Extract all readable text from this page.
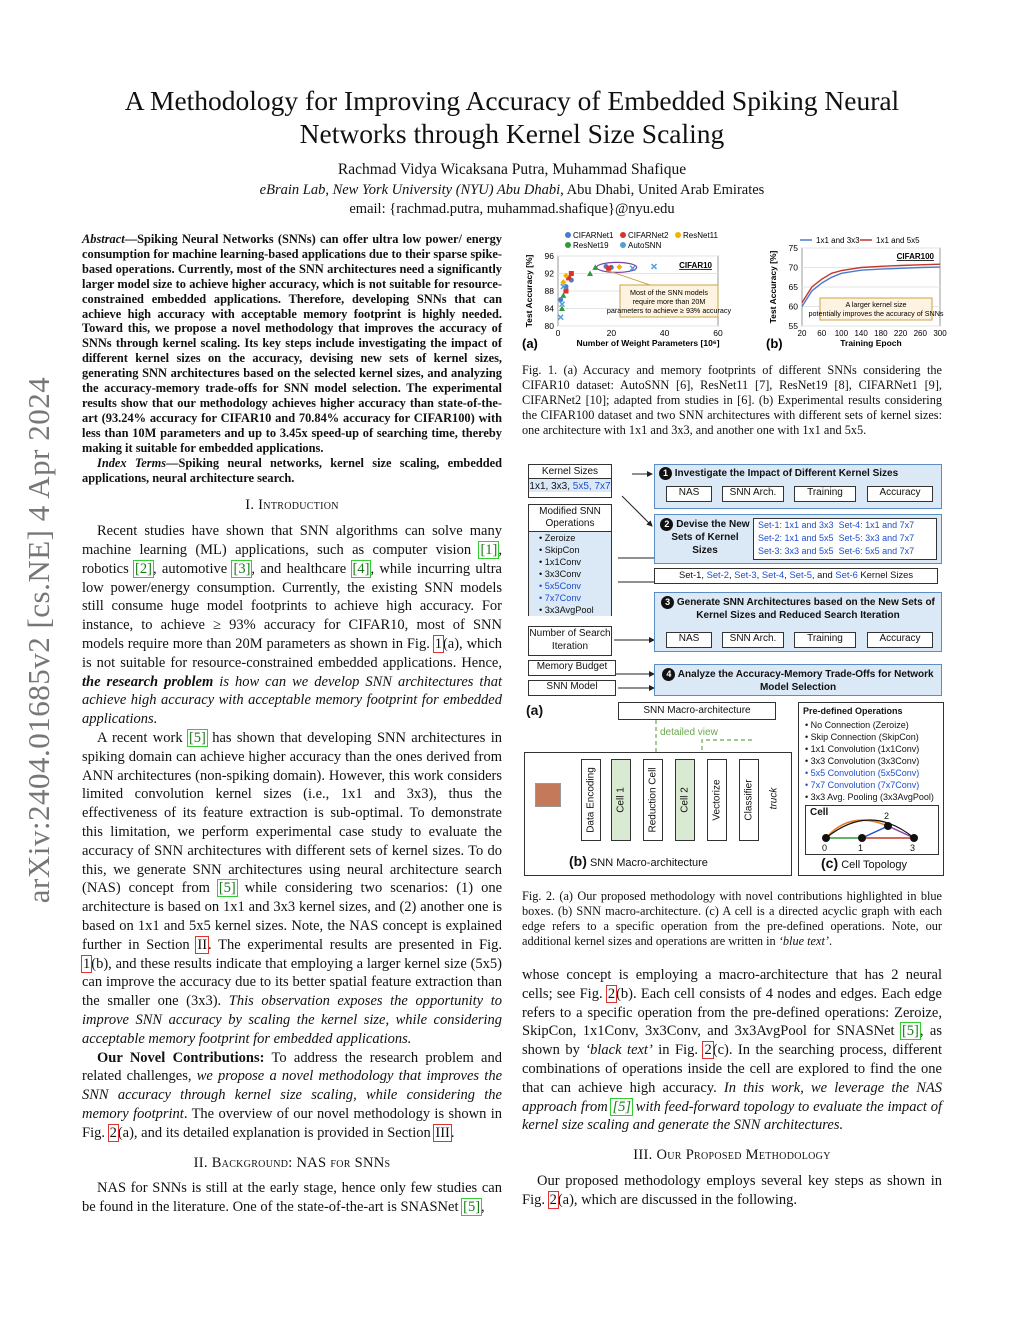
arXiv:2404.01685v2 [cs.NE] 4 Apr 2024
A Methodology for Improving Accuracy of Embedded Spiking Neural Networks through Kernel Size Scaling
Rachmad Vidya Wicaksana Putra, Muhammad Shafique
eBrain Lab, New York University (NYU) Abu Dhabi, Abu Dhabi, United Arab Emirates
email: {rachmad.putra, muhammad.shafique}@nyu.edu
Abstract—Spiking Neural Networks (SNNs) can offer ultra low power/ energy consumption for machine learning-based applications due to their sparse spike-based operations. Currently, most of the SNN architectures need a significantly larger model size to achieve higher accuracy, which is not suitable for resource-constrained embedded applications. Therefore, developing SNNs that can achieve high accuracy with acceptable memory footprint is highly needed. Toward this, we propose a novel methodology that improves the accuracy of SNNs through kernel scaling. Its key steps include investigating the impact of different kernel sizes on the accuracy, devising new sets of kernel sizes, generating SNN architectures based on the selected kernel sizes, and analyzing the accuracy-memory trade-offs for SNN model selection. The experimental results show that our methodology achieves higher accuracy than state-of-the-art (93.24% accuracy for CIFAR10 and 70.84% accuracy for CIFAR100) with less than 10M parameters and up to 3.45x speed-up of searching time, thereby making it suitable for embedded applications.
Index Terms—Spiking neural networks, kernel size scaling, embedded applications, neural architecture search.
I. Introduction

Recent studies have shown that SNN algorithms can solve many machine learning (ML) applications, such as computer vision [1], robotics [2], automotive [3], and healthcare [4], while incurring ultra low power/energy consumption. Currently, the existing SNN models still consume huge model footprints to achieve high accuracy. For instance, to achieve ≥ 93% accuracy for CIFAR10, most of SNN models require more than 20M parameters as shown in Fig. 1(a), which is not suitable for resource-constrained embedded applications. Hence, the research problem is how can we develop SNN architectures that achieve high accuracy with acceptable memory footprint for embedded applications.

A recent work [5] has shown that developing SNN architectures in spiking domain can achieve higher accuracy than the ones derived from ANN architectures (non-spiking domain). However, this work considers limited convolution kernel sizes (i.e., 1x1 and 3x3), thus the effectiveness of its feature extraction is sub-optimal. To demonstrate this limitation, we perform experimental case study to evaluate the accuracy of SNN architectures with different sets of kernel sizes. To do this, we generate SNN architectures using neural architecture search (NAS) concept from [5] while considering two scenarios: (1) one architecture is based on 1x1 and 3x3 kernel sizes, and (2) another one is based on 1x1 and 5x5 kernel sizes. Note, the NAS concept is explained further in Section II. The experimental results are presented in Fig. 1(b), and these results indicate that employing a larger kernel size (5x5) can improve the accuracy due to its better spatial feature extraction than the smaller one (3x3). This observation exposes the opportunity to improve SNN accuracy by scaling the kernel size, while considering acceptable memory footprint for embedded applications.

Our Novel Contributions: To address the research problem and related challenges, we propose a novel methodology that improves the SNN accuracy through kernel size scaling, while considering the memory footprint. The overview of our novel methodology is shown in Fig. 2(a), and its detailed explanation is provided in Section III.

II. Background: NAS for SNNs

NAS for SNNs is still at the early stage, hence only few studies can be found in the literature. One of the state-of-the-art is SNASNet [5],

80
84
88
92
96
0	20	40	60
Test Accuracy [%]
Number of Weight Parameters [10⁶]
CIFAR10
(a)
CIFARNet1 CIFARNet2 ResNet11
ResNet19 AutoSNN
Most of the SNN models
require more than 20M
parameters to achieve ≥ 93% accuracy
55
60
65
70
75
20 60 100 140 180 220 260 300
Test Accuracy [%]
Training Epoch
CIFAR100
(b)
1x1 and 3x3 1x1 and 5x5
A larger kernel size
potentially improves the accuracy of SNNs
Fig. 1. (a) Accuracy and memory footprints of different SNNs considering the CIFAR10 dataset: AutoSNN [6], ResNet11 [7], ResNet19 [8], CIFARNet1 [9], CIFARNet2 [10]; adapted from studies in [6]. (b) Experimental results considering the CIFAR100 dataset and two SNN architectures with different sets of kernel sizes: one architecture with 1x1 and 3x3, and another one with 1x1 and 5x5.
Kernel Sizes
1x1, 3x3, 5x5, 7x7
Modified SNN Operations
• Zeroize
• SkipCon
• 1x1Conv
• 3x3Conv
• 5x5Conv
• 7x7Conv
• 3x3AvgPool
Number of Search Iteration
Memory Budget
SNN Model
1 Investigate the Impact of Different Kernel Sizes
NAS	SNN Arch.	Training	Accuracy
2 Devise the New Sets of Kernel Sizes
Set-1: 1x1 and 3x3 Set-4: 1x1 and 7x7
Set-2: 1x1 and 5x5 Set-5: 3x3 and 7x7
Set-3: 3x3 and 5x5 Set-6: 5x5 and 7x7
Set-1, Set-2, Set-3, Set-4, Set-5, and Set-6 Kernel Sizes
3 Generate SNN Architectures based on the New Sets of Kernel Sizes and Reduced Search Iteration
NAS	SNN Arch.	Training	Accuracy
4 Analyze the Accuracy-Memory Trade-Offs for Network Model Selection
(a)	SNN Macro-architecture
detailed view
Data Encoding Cell 1 Reduction Cell Cell 2 Vectorize Classifier truck
(b) SNN Macro-architecture
Pre-defined Operations
• No Connection (Zeroize)
• Skip Connection (SkipCon)
• 1x1 Convolution (1x1Conv)
• 3x3 Convolution (3x3Conv)
• 5x5 Convolution (5x5Conv)
• 7x7 Convolution (7x7Conv)
• 3x3 Avg. Pooling (3x3AvgPool)
Cell
0	1
2
3
(c) Cell Topology
Fig. 2. (a) Our proposed methodology with novel contributions highlighted in blue boxes. (b) SNN macro-architecture. (c) A cell is a directed acyclic graph with each edge refers to a specific operation from the pre-defined operations. Note, our additional kernel sizes and operations are written in ‘blue text’.

whose concept is employing a macro-architecture that has 2 neural cells; see Fig. 2(b). Each cell consists of 4 nodes and edges. Each edge refers to a specific operation from the pre-defined operations: Zeroize, SkipCon, 1x1Conv, 3x3Conv, and 3x3AvgPool for SNASNet [5], as shown by ‘black text’ in Fig. 2(c). In the searching process, different combinations of operations inside the cell are explored to find the one that can achieve high accuracy. In this work, we leverage the NAS approach from [5] with feed-forward topology to evaluate the impact of kernel size scaling and generate the SNN architectures.

III. Our Proposed Methodology

Our proposed methodology employs several key steps as shown in Fig. 2(a), which are discussed in the following.
